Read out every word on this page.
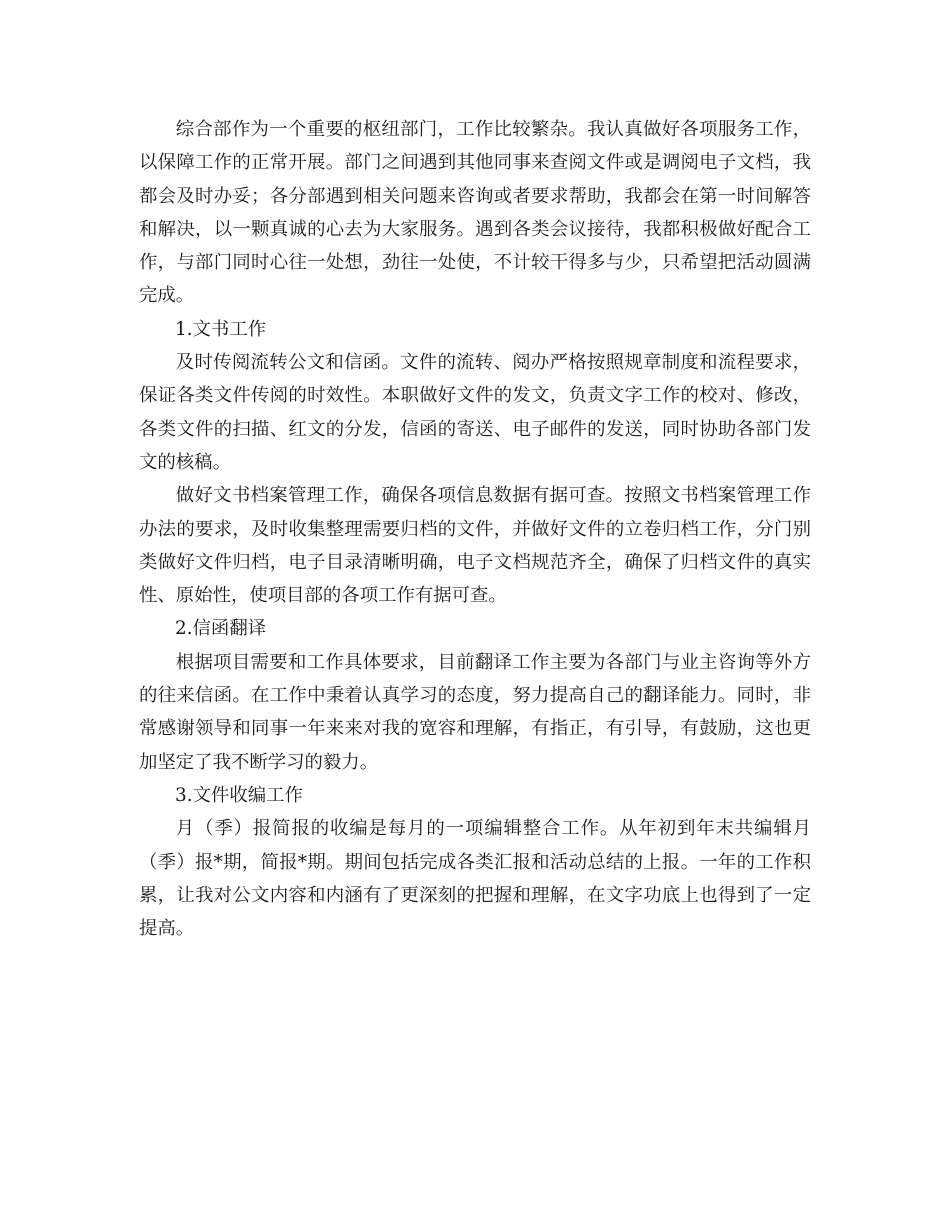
综合部作为一个重要的枢纽部门，工作比较繁杂。我认真做好各项服务工作，以保障工作的正常开展。部门之间遇到其他同事来查阅文件或是调阅电子文档，我都会及时办妥；各分部遇到相关问题来咨询或者要求帮助，我都会在第一时间解答和解决，以一颗真诚的心去为大家服务。遇到各类会议接待，我都积极做好配合工作，与部门同时心往一处想，劲往一处使，不计较干得多与少，只希望把活动圆满完成。

1.文书工作

及时传阅流转公文和信函。文件的流转、阅办严格按照规章制度和流程要求，保证各类文件传阅的时效性。本职做好文件的发文，负责文字工作的校对、修改，各类文件的扫描、红文的分发，信函的寄送、电子邮件的发送，同时协助各部门发文的核稿。

做好文书档案管理工作，确保各项信息数据有据可查。按照文书档案管理工作办法的要求，及时收集整理需要归档的文件，并做好文件的立卷归档工作，分门别类做好文件归档，电子目录清晰明确，电子文档规范齐全，确保了归档文件的真实性、原始性，使项目部的各项工作有据可查。

2.信函翻译

根据项目需要和工作具体要求，目前翻译工作主要为各部门与业主咨询等外方的往来信函。在工作中秉着认真学习的态度，努力提高自己的翻译能力。同时，非常感谢领导和同事一年来来对我的宽容和理解，有指正，有引导，有鼓励，这也更加坚定了我不断学习的毅力。

3.文件收编工作

月（季）报简报的收编是每月的一项编辑整合工作。从年初到年末共编辑月（季）报*期，简报*期。期间包括完成各类汇报和活动总结的上报。一年的工作积累，让我对公文内容和内涵有了更深刻的把握和理解，在文字功底上也得到了一定提高。
